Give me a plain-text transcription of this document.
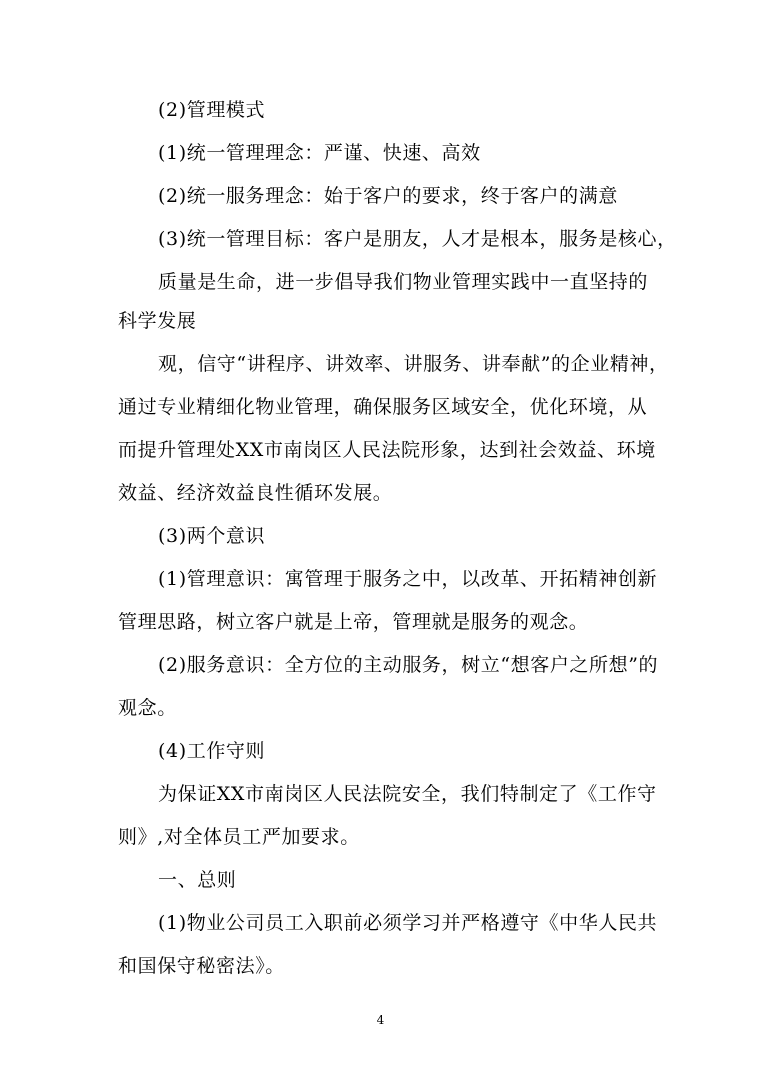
(2)管理模式
(1)统一管理理念：严谨、快速、高效
(2)统一服务理念：始于客户的要求，终于客户的满意
(3)统一管理目标：客户是朋友，人才是根本，服务是核心，
质量是生命，进一步倡导我们物业管理实践中一直坚持的
科学发展
观，信守“讲程序、讲效率、讲服务、讲奉献”的企业精神，
通过专业精细化物业管理，确保服务区域安全，优化环境，从
而提升管理处XX市南岗区人民法院形象，达到社会效益、环境
效益、经济效益良性循环发展。
(3)两个意识
(1)管理意识：寓管理于服务之中，以改革、开拓精神创新
管理思路，树立客户就是上帝，管理就是服务的观念。
(2)服务意识：全方位的主动服务，树立“想客户之所想”的
观念。
(4)工作守则
为保证XX市南岗区人民法院安全，我们特制定了《工作守
则》,对全体员工严加要求。
一、总则
(1)物业公司员工入职前必须学习并严格遵守《中华人民共
和国保守秘密法》。
4
